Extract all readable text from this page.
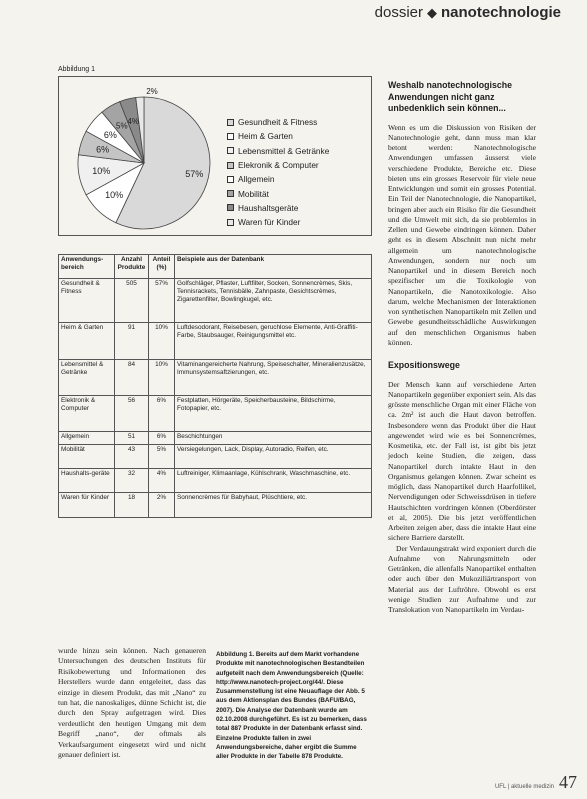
dossier ◆ nanotechnologie
Abbildung 1
57%
10%
10%
6%
6%
5%
4%
2%
Gesundheit & Fitness
Heim & Garten
Lebensmittel & Getränke
Elekronik & Computer
Allgemein
Mobilität
Haushaltsgeräte
Waren für Kinder
Anwendungs-bereich	Anzahl Produkte	Anteil (%)	Beispiele aus der Datenbank
Gesundheit & Fitness	505	57%	Golfschläger, Pflaster, Luftfilter, Socken, Sonnencrèmes, Skis, Tennisrackets, Tennisbälle, Zahnpaste, Gesichtscrèmes, Zigarettenfilter, Bowlingkugel, etc.
Heim & Garten	91	10%	Luftdesodorant, Reisebesen, geruchlose Elemente, Anti-Graffiti-Farbe, Staubsauger, Reinigungsmittel etc.
Lebensmittel & Getränke	84	10%	Vitaminangereicherte Nahrung, Speiseschalter, Mineralienzusätze, Immunsystemsaftzierungen, etc.
Elektronik & Computer	56	6%	Festplatten, Hörgeräte, Speicherbausteine, Bildschirme, Fotopapier, etc.
Allgemein	51	6%	Beschichtungen
Mobilität	43	5%	Versiegelungen, Lack, Display, Autoradio, Reifen, etc.
Haushalts-geräte	32	4%	Luftreiniger, Klimaanlage, Kühlschrank, Waschmaschine, etc.
Waren für Kinder	18	2%	Sonnencrèmes für Babyhaut, Plüschtiere, etc.

wurde hinzu sein können. Nach genaueren Untersuchungen des deutschen Instituts für Risikobewertung und Informationen des Herstellers wurde dann entgeleitet, dass das einzige in diesem Produkt, das mit „Nano“ zu tun hat, die nanoskaliges, dünne Schicht ist, die durch den Spray aufgetragen wird. Dies verdeutlicht den heutigen Umgang mit dem Begriff „nano“, der oftmals als Verkaufsargument eingesetzt wird und nicht genauer definiert ist.

Abbildung 1. Bereits auf dem Markt vorhandene Produkte mit nanotechnologischen Bestandteilen aufgeteilt nach dem Anwendungsbereich (Quelle: http://www.nanotech-project.org/44/. Diese Zusammenstellung ist eine Neuauflage der Abb. 5 aus dem Aktionsplan des Bundes (BAFU/BAG, 2007). Die Analyse der Datenbank wurde am 02.10.2008 durchgeführt. Es ist zu bemerken, dass total 887 Produkte in der Datenbank erfasst sind. Einzelne Produkte fallen in zwei Anwendungsbereiche, daher ergibt die Summe aller Produkte in der Tabelle 878 Produkte.

Weshalb nanotechnologische Anwendungen nicht ganz unbedenklich sein können...

Wenn es um die Diskussion von Risiken der Nanotechnologie geht, dann muss man klar betont werden: Nanotechnologische Anwendungen umfassen äusserst viele verschiedene Produkte, Bereiche etc. Diese bieten uns ein grosses Reservoir für viele neue Entwicklungen und somit ein grosses Potential. Ein Teil der Nanotechnologie, die Nanopartikel, bringen aber auch ein Risiko für die Gesundheit und die Umwelt mit sich, da sie problemlos in Zellen und Gewebe eindringen können. Daher geht es in diesem Abschnitt nun nicht mehr allgemein um nanotechnologische Anwendungen, sondern nur noch um Nanopartikel und in diesem Bereich noch spezifischer um die Toxikologie von Nanopartikeln, die Nanotoxikologie. Also darum, welche Mechanismen der Interaktionen von synthetischen Nanopartikeln mit Zellen und Gewebe gesundheitsschädliche Auswirkungen auf den menschlichen Organismus haben können.

Expositionswege

Der Mensch kann auf verschiedene Arten Nanopartikeln gegenüber exponiert sein. Als das grösste menschliche Organ mit einer Fläche von ca. 2m² ist auch die Haut davon betroffen. Insbesondere wenn das Produkt über die Haut angewendet wird wie es bei Sonnencrèmes, Kosmetika, etc. der Fall ist, ist gibt bis jetzt jedoch keine Studien, die zeigen, dass Nanopartikel durch intakte Haut in den Organismus gelangen können. Zwar scheint es möglich, dass Nanopartikel durch Haarfollikel, Nervendigungen oder Schweissdrüsen in tiefere Hautschichten vordringen können (Oberdörster et al, 2005). Die bis jetzt veröffentlichen Arbeiten zeigen aber, dass die intakte Haut eine sichere Barriere darstellt.

Der Verdauungstrakt wird exponiert durch die Aufnahme von Nahrungsmitteln oder Getränken, die allenfalls Nanopartikel enthalten oder auch über den Mukoziliärtransport von Material aus der Luftröhre. Obwohl es erst wenige Studien zur Aufnahme und zur Translokation von Nanopartikeln im Verdau-

UFL | aktuelle medizin 47
